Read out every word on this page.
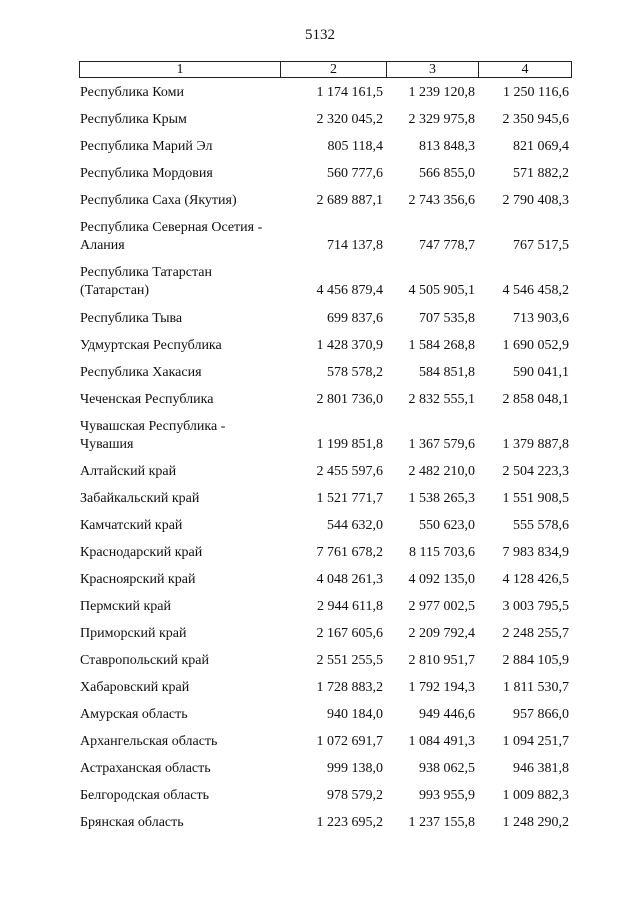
5132
1	2	3	4
Республика Коми	1 174 161,5	1 239 120,8	1 250 116,6
Республика Крым	2 320 045,2	2 329 975,8	2 350 945,6
Республика Марий Эл	805 118,4	813 848,3	821 069,4
Республика Мордовия	560 777,6	566 855,0	571 882,2
Республика Саха (Якутия)	2 689 887,1	2 743 356,6	2 790 408,3
Республика Северная Осетия -
Алания	714 137,8	747 778,7	767 517,5
Республика Татарстан
(Татарстан)	4 456 879,4	4 505 905,1	4 546 458,2
Республика Тыва	699 837,6	707 535,8	713 903,6
Удмуртская Республика	1 428 370,9	1 584 268,8	1 690 052,9
Республика Хакасия	578 578,2	584 851,8	590 041,1
Чеченская Республика	2 801 736,0	2 832 555,1	2 858 048,1
Чувашская Республика -
Чувашия	1 199 851,8	1 367 579,6	1 379 887,8
Алтайский край	2 455 597,6	2 482 210,0	2 504 223,3
Забайкальский край	1 521 771,7	1 538 265,3	1 551 908,5
Камчатский край	544 632,0	550 623,0	555 578,6
Краснодарский край	7 761 678,2	8 115 703,6	7 983 834,9
Красноярский край	4 048 261,3	4 092 135,0	4 128 426,5
Пермский край	2 944 611,8	2 977 002,5	3 003 795,5
Приморский край	2 167 605,6	2 209 792,4	2 248 255,7
Ставропольский край	2 551 255,5	2 810 951,7	2 884 105,9
Хабаровский край	1 728 883,2	1 792 194,3	1 811 530,7
Амурская область	940 184,0	949 446,6	957 866,0
Архангельская область	1 072 691,7	1 084 491,3	1 094 251,7
Астраханская область	999 138,0	938 062,5	946 381,8
Белгородская область	978 579,2	993 955,9	1 009 882,3
Брянская область	1 223 695,2	1 237 155,8	1 248 290,2
